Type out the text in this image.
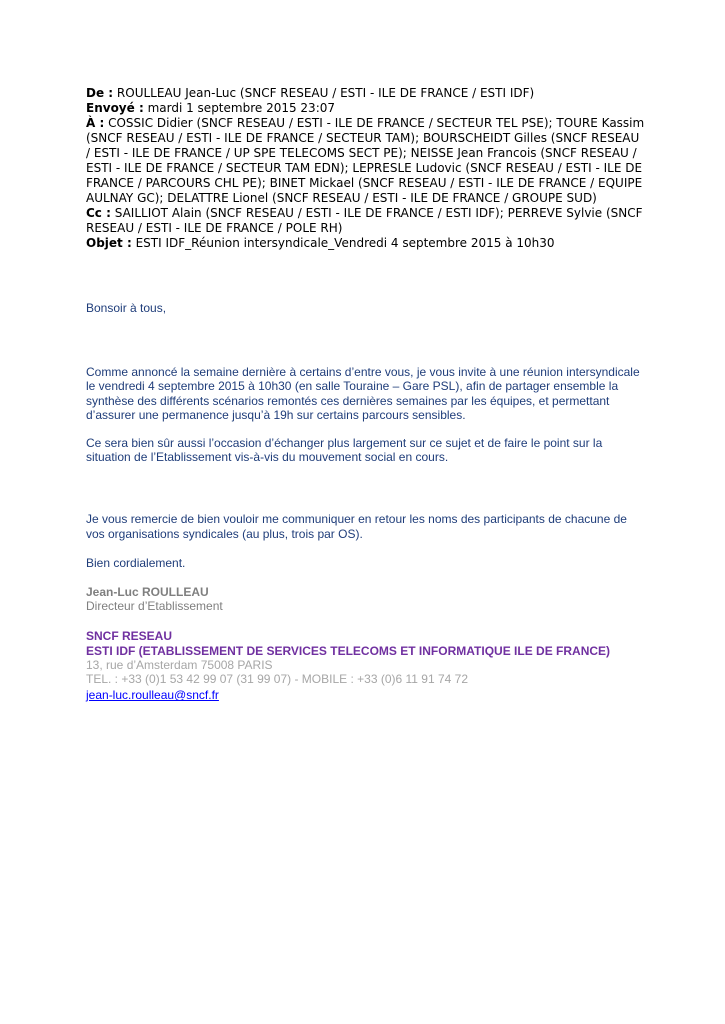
De : ROULLEAU Jean-Luc (SNCF RESEAU / ESTI - ILE DE FRANCE / ESTI IDF)
Envoyé : mardi 1 septembre 2015 23:07
À : COSSIC Didier (SNCF RESEAU / ESTI - ILE DE FRANCE / SECTEUR TEL PSE); TOURE Kassim (SNCF RESEAU / ESTI - ILE DE FRANCE / SECTEUR TAM); BOURSCHEIDT Gilles (SNCF RESEAU / ESTI - ILE DE FRANCE / UP SPE TELECOMS SECT PE); NEISSE Jean Francois (SNCF RESEAU / ESTI - ILE DE FRANCE / SECTEUR TAM EDN); LEPRESLE Ludovic (SNCF RESEAU / ESTI - ILE DE FRANCE / PARCOURS CHL PE); BINET Mickael (SNCF RESEAU / ESTI - ILE DE FRANCE / EQUIPE AULNAY GC); DELATTRE Lionel (SNCF RESEAU / ESTI - ILE DE FRANCE / GROUPE SUD)
Cc : SAILLIOT Alain (SNCF RESEAU / ESTI - ILE DE FRANCE / ESTI IDF); PERREVE Sylvie (SNCF RESEAU / ESTI - ILE DE FRANCE / POLE RH)
Objet : ESTI IDF_Réunion intersyndicale_Vendredi 4 septembre 2015 à 10h30

Bonsoir à tous,

Comme annoncé la semaine dernière à certains d’entre vous, je vous invite à une réunion intersyndicale le vendredi 4 septembre 2015 à 10h30 (en salle Touraine – Gare PSL), afin de partager ensemble la synthèse des différents scénarios remontés ces dernières semaines par les équipes, et permettant d’assurer une permanence jusqu’à 19h sur certains parcours sensibles.

Ce sera bien sûr aussi l’occasion d’échanger plus largement sur ce sujet et de faire le point sur la situation de l’Etablissement vis-à-vis du mouvement social en cours.

Je vous remercie de bien vouloir me communiquer en retour les noms des participants de chacune de vos organisations syndicales (au plus, trois par OS).

Bien cordialement.

Jean-Luc ROULLEAU
Directeur d’Etablissement
SNCF RESEAU
ESTI IDF (ETABLISSEMENT DE SERVICES TELECOMS ET INFORMATIQUE ILE DE FRANCE)
13, rue d’Amsterdam 75008 PARIS
TEL. : +33 (0)1 53 42 99 07 (31 99 07) - MOBILE : +33 (0)6 11 91 74 72
jean-luc.roulleau@sncf.fr
